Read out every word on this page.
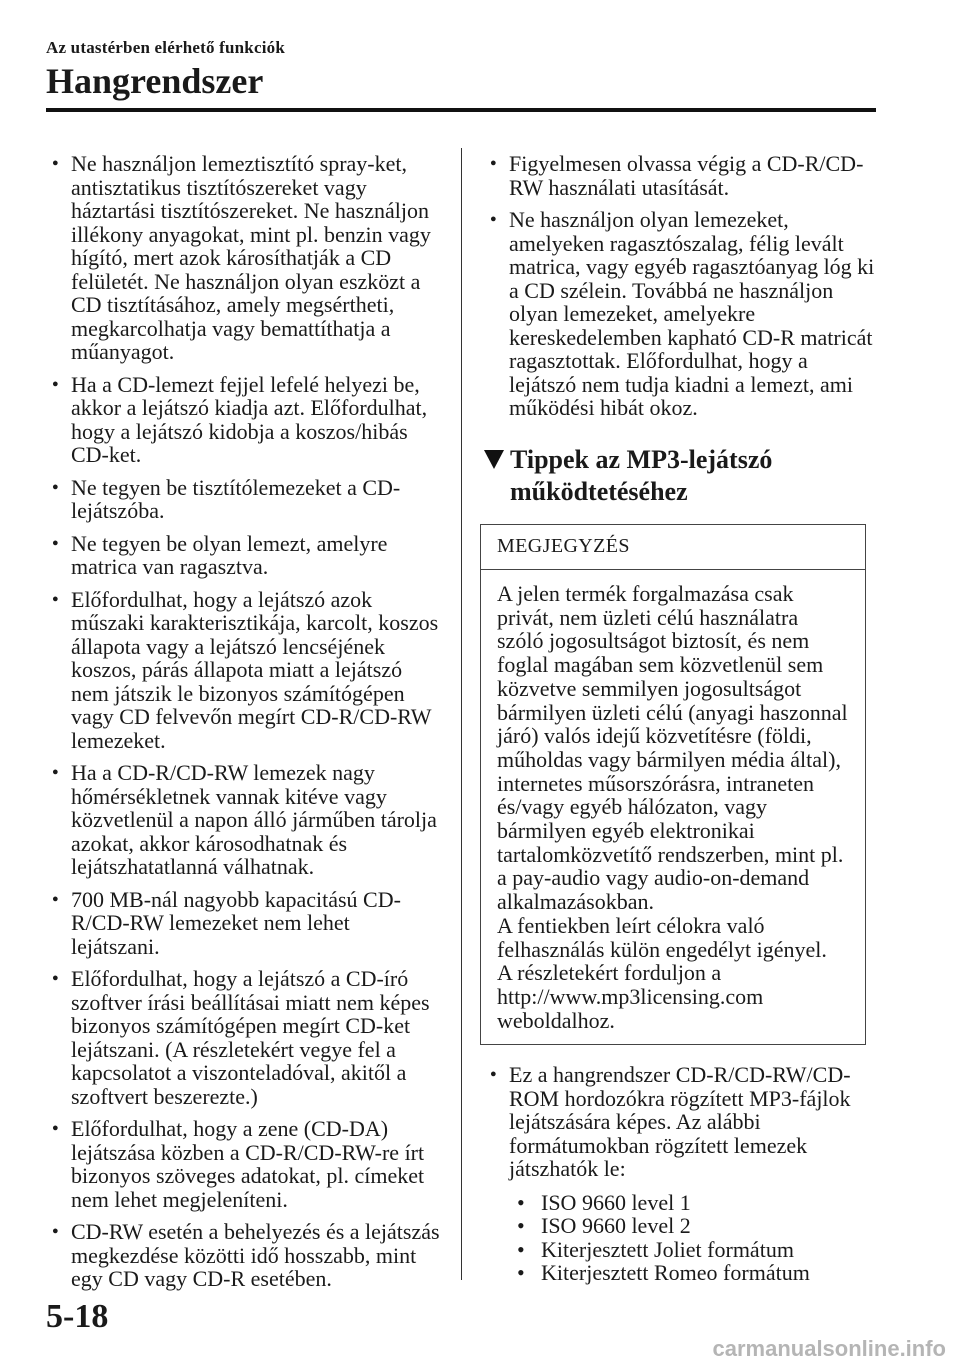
Az utastérben elérhető funkciók
Hangrendszer
● Ne használjon lemeztisztító spray-ket, antisztatikus tisztítószereket vagy háztartási tisztítószereket. Ne használjon illékony anyagokat, mint pl. benzin vagy hígító, mert azok károsíthatják a CD felületét. Ne használjon olyan eszközt a CD tisztításához, amely megsértheti, megkarcolhatja vagy bemattíthatja a műanyagot.
● Ha a CD-lemezt fejjel lefelé helyezi be, akkor a lejátszó kiadja azt. Előfordulhat, hogy a lejátszó kidobja a koszos/hibás CD-ket.
● Ne tegyen be tisztítólemezeket a CD-lejátszóba.
● Ne tegyen be olyan lemezt, amelyre matrica van ragasztva.
● Előfordulhat, hogy a lejátszó azok műszaki karakterisztikája, karcolt, koszos állapota vagy a lejátszó lencséjének koszos, párás állapota miatt a lejátszó nem játszik le bizonyos számítógépen vagy CD felvevőn megírt CD-R/CD-RW lemezeket.
● Ha a CD-R/CD-RW lemezek nagy hőmérsékletnek vannak kitéve vagy közvetlenül a napon álló járműben tárolja azokat, akkor károsodhatnak és lejátszhatatlanná válhatnak.
● 700 MB-nál nagyobb kapacitású CD-R/CD-RW lemezeket nem lehet lejátszani.
● Előfordulhat, hogy a lejátszó a CD-író szoftver írási beállításai miatt nem képes bizonyos számítógépen megírt CD-ket lejátszani. (A részletekért vegye fel a kapcsolatot a viszonteladóval, akitől a szoftvert beszerezte.)
● Előfordulhat, hogy a zene (CD-DA) lejátszása közben a CD-R/CD-RW-re írt bizonyos szöveges adatokat, pl. címeket nem lehet megjeleníteni.
● CD-RW esetén a behelyezés és a lejátszás megkezdése közötti idő hosszabb, mint egy CD vagy CD-R esetében.
● Figyelmesen olvassa végig a CD-R/CD-RW használati utasítását.
● Ne használjon olyan lemezeket, amelyeken ragasztószalag, félig levált matrica, vagy egyéb ragasztóanyag lóg ki a CD szélein. Továbbá ne használjon olyan lemezeket, amelyekre kereskedelemben kapható CD-R matricát ragasztottak. Előfordulhat, hogy a lejátszó nem tudja kiadni a lemezt, ami működési hibát okoz.
Tippek az MP3-lejátszó működtetéséhez
MEGJEGYZÉS

A jelen termék forgalmazása csak privát, nem üzleti célú használatra szóló jogosultságot biztosít, és nem foglal magában sem közvetlenül sem közvetve semmilyen jogosultságot bármilyen üzleti célú (anyagi haszonnal járó) valós idejű közvetítésre (földi, műholdas vagy bármilyen média által), internetes műsorszórásra, intraneten és/vagy egyéb hálózaton, vagy bármilyen egyéb elektronikai tartalomközvetítő rendszerben, mint pl. a pay-audio vagy audio-on-demand alkalmazásokban.

A fentiekben leírt célokra való felhasználás külön engedélyt igényel.

A részletekért forduljon a http://www.mp3licensing.com weboldalhoz.

● Ez a hangrendszer CD-R/CD-RW/CD-ROM hordozókra rögzített MP3-fájlok lejátszására képes. Az alábbi formátumokban rögzített lemezek játszhatók le:
• ISO 9660 level 1
• ISO 9660 level 2
• Kiterjesztett Joliet formátum
• Kiterjesztett Romeo formátum
5-18
carmanualsonline.info
